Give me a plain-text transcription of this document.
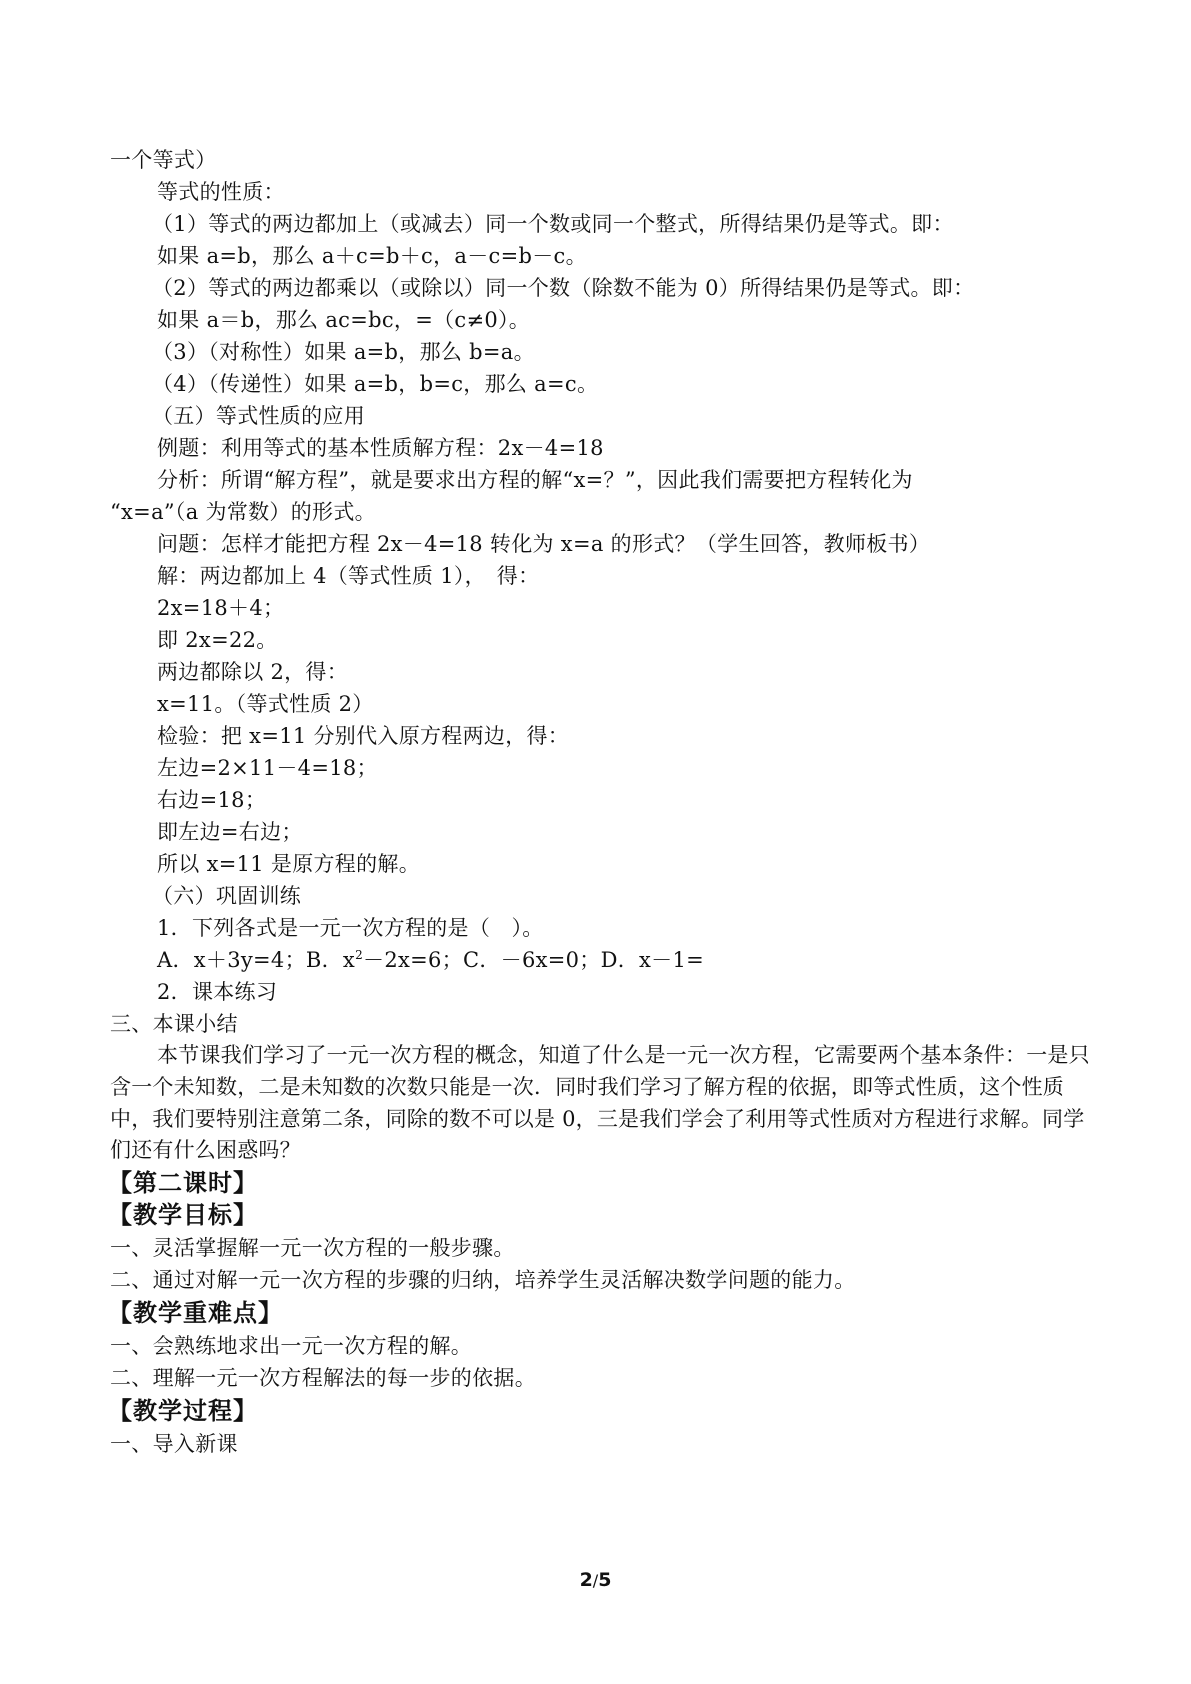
一个等式）
等式的性质：
（1）等式的两边都加上（或减去）同一个数或同一个整式，所得结果仍是等式。即：
如果 a=b，那么 a＋c=b＋c，a－c=b－c。
（2）等式的两边都乘以（或除以）同一个数（除数不能为 0）所得结果仍是等式。即：
如果 a＝b，那么 ac=bc，=（c≠0）。
（3）（对称性）如果 a=b，那么 b=a。
（4）（传递性）如果 a=b，b=c，那么 a=c。
（五）等式性质的应用
例题：利用等式的基本性质解方程：2x－4=18
分析：所谓“解方程”，就是要求出方程的解“x=？”，因此我们需要把方程转化为
“x=a”（a 为常数）的形式。
问题：怎样才能把方程 2x－4=18 转化为 x=a 的形式？（学生回答，教师板书）
解：两边都加上 4（等式性质 1），　得：
2x=18＋4；
即 2x=22。
两边都除以 2，得：
x=11。（等式性质 2）
检验：把 x=11 分别代入原方程两边，得：
左边=2×11－4=18；
右边=18；
即左边=右边；
所以 x=11 是原方程的解。
（六）巩固训练
1．下列各式是一元一次方程的是（　）。
A．x＋3y=4；B．$x^2-2x=6$；C．－6x=0；D．x－1=
2．课本练习
三、本课小结
本节课我们学习了一元一次方程的概念，知道了什么是一元一次方程，它需要两个基本条件：一是只含一个未知数，二是未知数的次数只能是一次．同时我们学习了解方程的依据，即等式性质，这个性质中，我们要特别注意第二条，同除的数不可以是 0，三是我们学会了利用等式性质对方程进行求解。同学们还有什么困惑吗？
【第二课时】
【教学目标】
一、灵活掌握解一元一次方程的一般步骤。
二、通过对解一元一次方程的步骤的归纳，培养学生灵活解决数学问题的能力。
【教学重难点】
一、会熟练地求出一元一次方程的解。
二、理解一元一次方程解法的每一步的依据。
【教学过程】
一、导入新课
2/5
